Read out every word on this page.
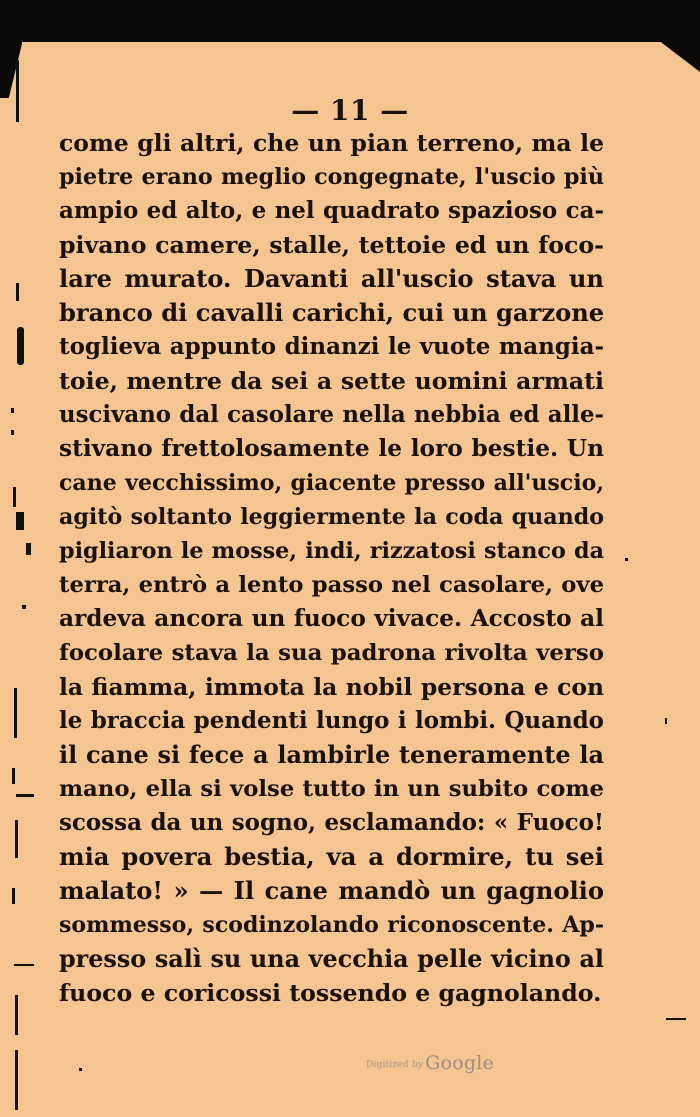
— 11 —
come gli altri, che un pian terreno, ma le
pietre erano meglio congegnate, l'uscio più
ampio ed alto, e nel quadrato spazioso ca-
pivano camere, stalle, tettoie ed un foco-
lare murato. Davanti all'uscio stava un
branco di cavalli carichi, cui un garzone
toglieva appunto dinanzi le vuote mangia-
toie, mentre da sei a sette uomini armati
uscivano dal casolare nella nebbia ed alle-
stivano frettolosamente le loro bestie. Un
cane vecchissimo, giacente presso all'uscio,
agitò soltanto leggiermente la coda quando
pigliaron le mosse, indi, rizzatosi stanco da
terra, entrò a lento passo nel casolare, ove
ardeva ancora un fuoco vivace. Accosto al
focolare stava la sua padrona rivolta verso
la fiamma, immota la nobil persona e con
le braccia pendenti lungo i lombi. Quando
il cane si fece a lambirle teneramente la
mano, ella si volse tutto in un subito come
scossa da un sogno, esclamando: « Fuoco!
mia povera bestia, va a dormire, tu sei
malato! » — Il cane mandò un gagnolio
sommesso, scodinzolando riconoscente. Ap-
presso salì su una vecchia pelle vicino al
fuoco e coricossi tossendo e gagnolando.
Digitized by Google
